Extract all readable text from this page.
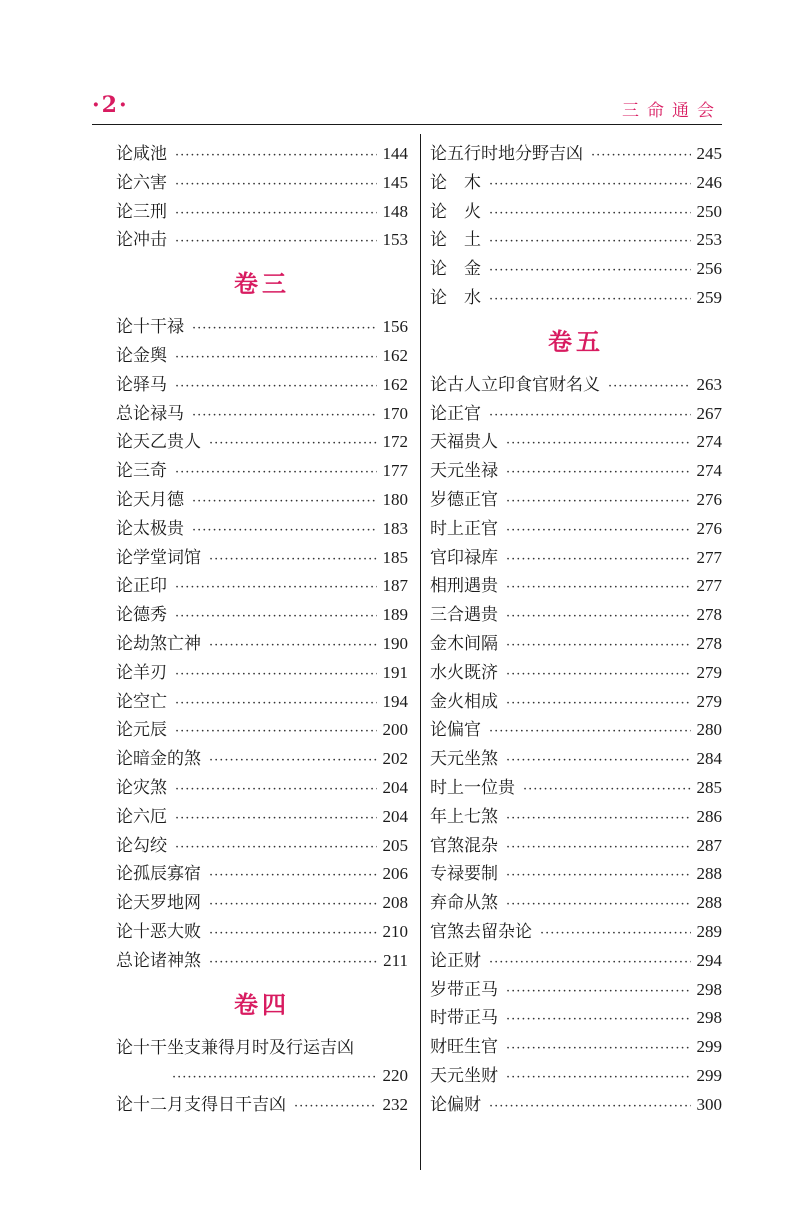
·2·	三命通会
论咸池 ·····	144
论六害 ·····	145
论三刑 ·····	148
论冲击 ·····	153
卷三
论十干禄 ·····	156
论金舆 ·····	162
论驿马 ·····	162
总论禄马 ·····	170
论天乙贵人 ·····	172
论三奇 ·····	177
论天月德 ·····	180
论太极贵 ·····	183
论学堂词馆 ·····	185
论正印 ·····	187
论德秀 ·····	189
论劫煞亡神 ·····	190
论羊刃 ·····	191
论空亡 ·····	194
论元辰 ·····	200
论暗金的煞 ·····	202
论灾煞 ·····	204
论六厄 ·····	204
论勾绞 ·····	205
论孤辰寡宿 ·····	206
论天罗地网 ·····	208
论十恶大败 ·····	210
总论诸神煞 ·····	211
卷四
论十干坐支兼得月时及行运吉凶
·····
220
论十二月支得日干吉凶 ·····	232
论五行时地分野吉凶 ·····	245
论　木 ·····	246
论　火 ·····	250
论　土 ·····	253
论　金 ·····	256
论　水 ·····	259
卷五
论古人立印食官财名义 ·····	263
论正官 ·····	267
天福贵人 ·····	274
天元坐禄 ·····	274
岁德正官 ·····	276
时上正官 ·····	276
官印禄库 ·····	277
相刑遇贵 ·····	277
三合遇贵 ·····	278
金木间隔 ·····	278
水火既济 ·····	279
金火相成 ·····	279
论偏官 ·····	280
天元坐煞 ·····	284
时上一位贵 ·····	285
年上七煞 ·····	286
官煞混杂 ·····	287
专禄要制 ·····	288
弃命从煞 ·····	288
官煞去留杂论 ·····	289
论正财 ·····	294
岁带正马 ·····	298
时带正马 ·····	298
财旺生官 ·····	299
天元坐财 ·····	299
论偏财 ·····	300
